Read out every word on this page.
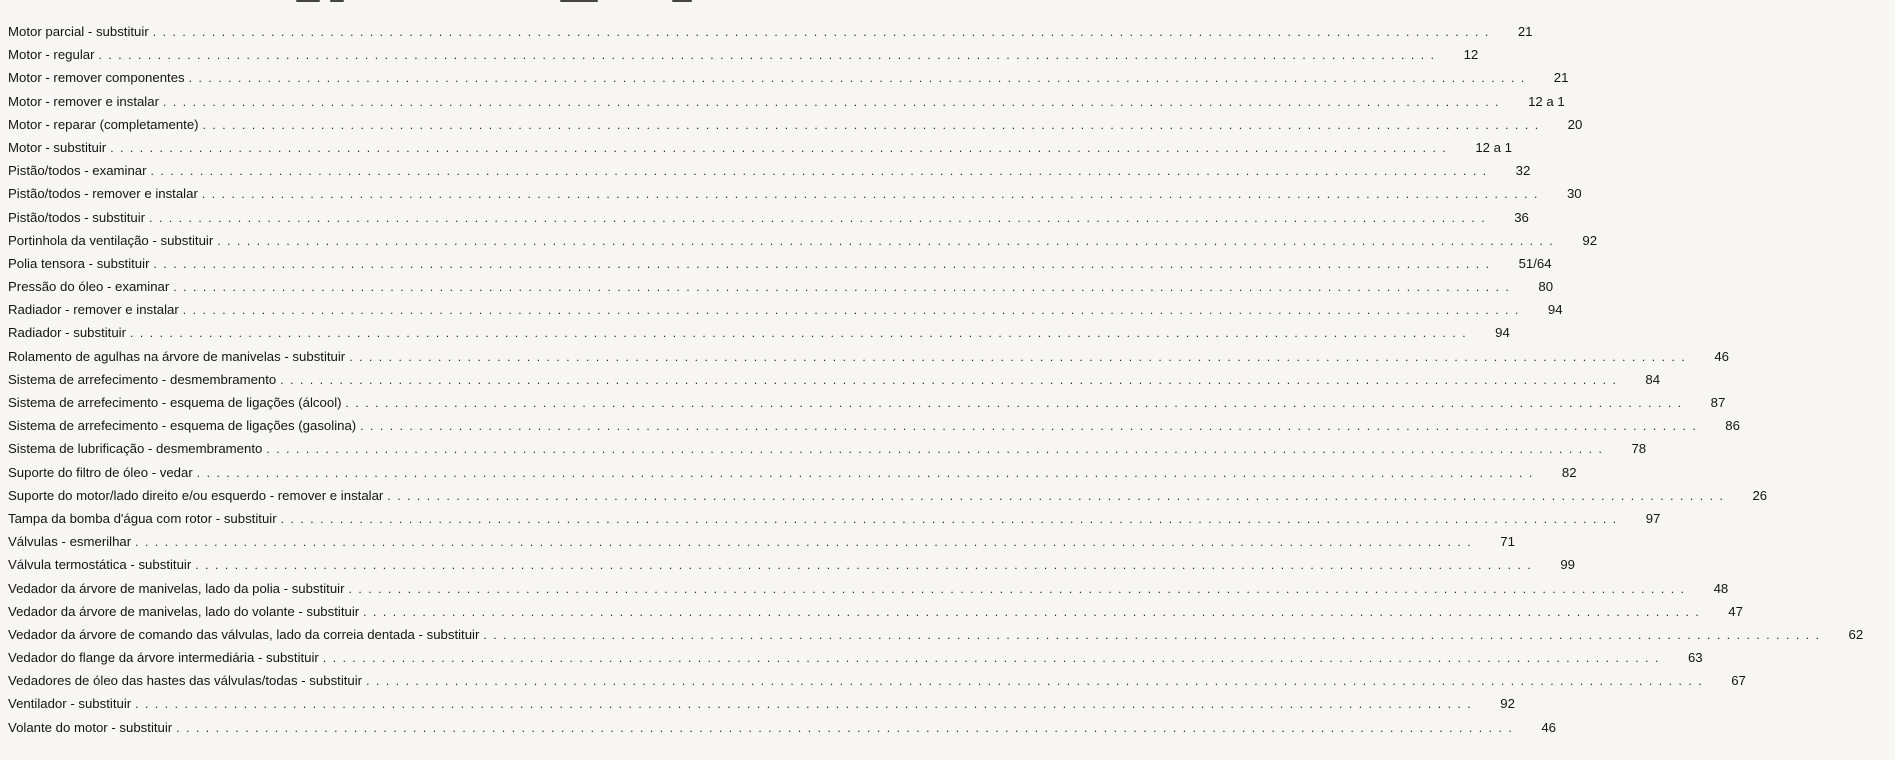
Motor parcial - substituir . . .	21
Motor - regular . . .	12
Motor - remover componentes . . .	21
Motor - remover e instalar . . .	12 a 1
Motor - reparar (completamente) . . .	20
Motor - substituir . . .	12 a 1
Pistão/todos - examinar . . .	32
Pistão/todos - remover e instalar . . .	30
Pistão/todos - substituir . . .	36
Portinhola da ventilação - substituir . . .	92
Polia tensora - substituir . . .	51/64
Pressão do óleo - examinar . . .	80
Radiador - remover e instalar . . .	94
Radiador - substituir . . .	94
Rolamento de agulhas na árvore de manivelas - substituir . . .	46
Sistema de arrefecimento - desmembramento . . .	84
Sistema de arrefecimento - esquema de ligações (álcool) . . .	87
Sistema de arrefecimento - esquema de ligações (gasolina) . . .	86
Sistema de lubrificação - desmembramento . . .	78
Suporte do filtro de óleo - vedar . . .	82
Suporte do motor/lado direito e/ou esquerdo - remover e instalar . . .	26
Tampa da bomba d'água com rotor - substituir . . .	97
Válvulas - esmerilhar . . .	71
Válvula termostática - substituir . . .	99
Vedador da árvore de manivelas, lado da polia - substituir . . .	48
Vedador da árvore de manivelas, lado do volante - substituir . . .	47
Vedador da árvore de comando das válvulas, lado da correia dentada - substituir . . .	62
Vedador do flange da árvore intermediária - substituir . . .	63
Vedadores de óleo das hastes das válvulas/todas - substituir . . .	67
Ventilador - substituir . . .	92
Volante do motor - substituir . . .	46
